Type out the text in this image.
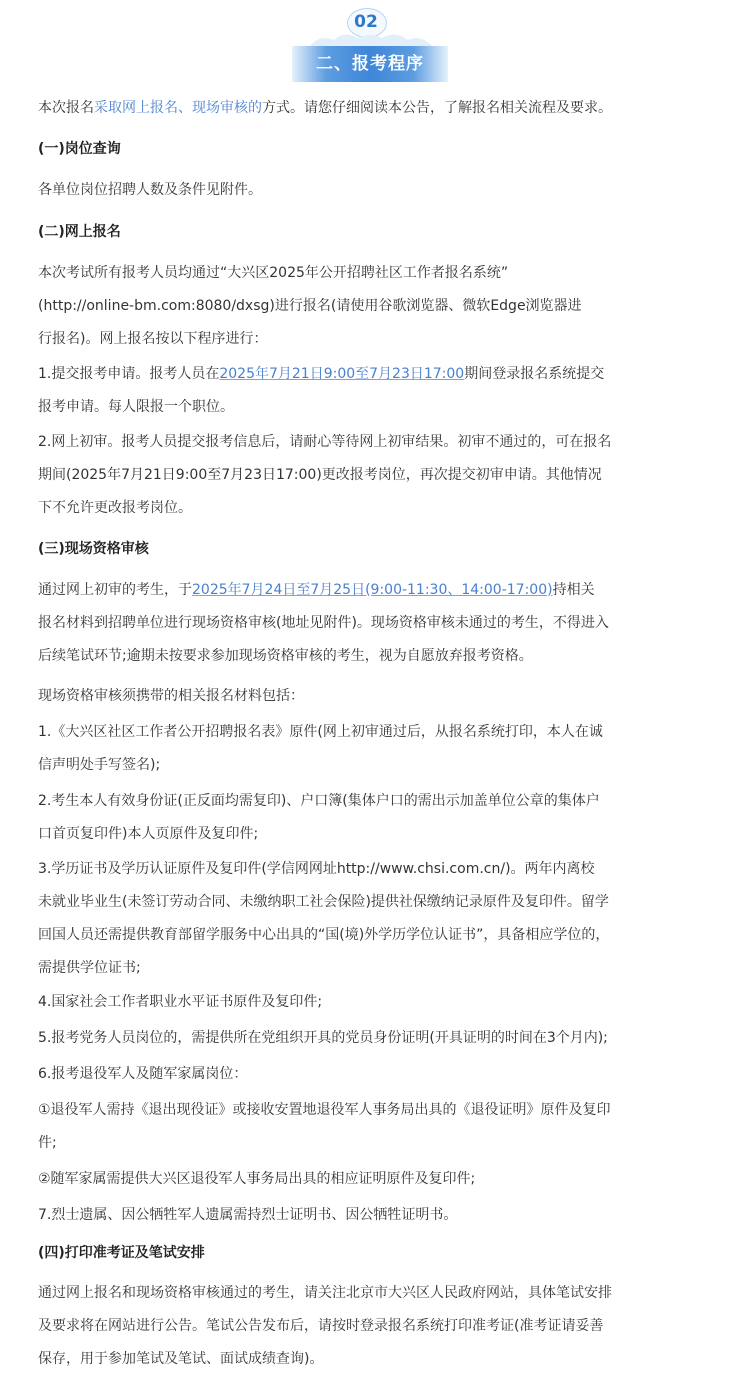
02
二、报考程序
本次报名采取网上报名、现场审核的方式。请您仔细阅读本公告，了解报名相关流程及要求。
(一)岗位查询
各单位岗位招聘人数及条件见附件。
(二)网上报名
本次考试所有报考人员均通过“大兴区2025年公开招聘社区工作者报名系统”
(http://online-bm.com:8080/dxsg)进行报名(请使用谷歌浏览器、微软Edge浏览器进
行报名)。网上报名按以下程序进行：
1.提交报考申请。报考人员在2025年7月21日9:00至7月23日17:00期间登录报名系统提交
报考申请。每人限报一个职位。
2.网上初审。报考人员提交报考信息后，请耐心等待网上初审结果。初审不通过的，可在报名
期间(2025年7月21日9:00至7月23日17:00)更改报考岗位，再次提交初审申请。其他情况
下不允许更改报考岗位。
(三)现场资格审核
通过网上初审的考生，于2025年7月24日至7月25日(9:00-11:30、14:00-17:00)持相关
报名材料到招聘单位进行现场资格审核(地址见附件)。现场资格审核未通过的考生，不得进入
后续笔试环节;逾期未按要求参加现场资格审核的考生，视为自愿放弃报考资格。
现场资格审核须携带的相关报名材料包括：
1.《大兴区社区工作者公开招聘报名表》原件(网上初审通过后，从报名系统打印，本人在诚
信声明处手写签名);
2.考生本人有效身份证(正反面均需复印)、户口簿(集体户口的需出示加盖单位公章的集体户
口首页复印件)本人页原件及复印件;
3.学历证书及学历认证原件及复印件(学信网网址http://www.chsi.com.cn/)。两年内离校
未就业毕业生(未签订劳动合同、未缴纳职工社会保险)提供社保缴纳记录原件及复印件。留学
回国人员还需提供教育部留学服务中心出具的“国(境)外学历学位认证书”，具备相应学位的，
需提供学位证书;
4.国家社会工作者职业水平证书原件及复印件;
5.报考党务人员岗位的，需提供所在党组织开具的党员身份证明(开具证明的时间在3个月内);
6.报考退役军人及随军家属岗位：
①退役军人需持《退出现役证》或接收安置地退役军人事务局出具的《退役证明》原件及复印
件;
②随军家属需提供大兴区退役军人事务局出具的相应证明原件及复印件;
7.烈士遗属、因公牺牲军人遗属需持烈士证明书、因公牺牲证明书。
(四)打印准考证及笔试安排
通过网上报名和现场资格审核通过的考生，请关注北京市大兴区人民政府网站，具体笔试安排
及要求将在网站进行公告。笔试公告发布后，请按时登录报名系统打印准考证(准考证请妥善
保存，用于参加笔试及笔试、面试成绩查询)。
